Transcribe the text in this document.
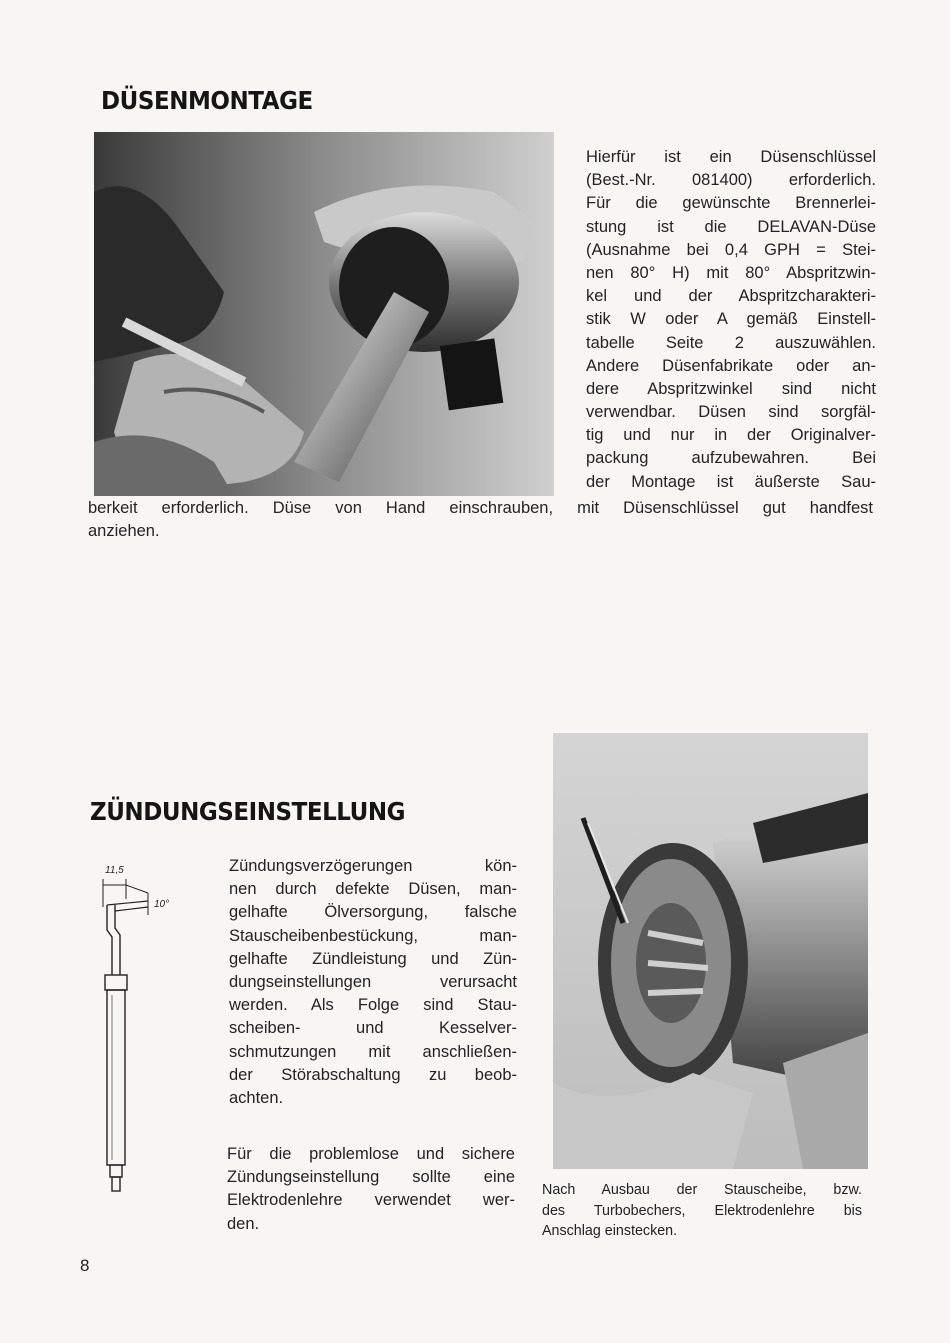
DÜSENMONTAGE
Hierfür ist ein Düsenschlüssel
(Best.-Nr. 081400) erforderlich.
Für die gewünschte Brennerlei-
stung ist die DELAVAN-Düse
(Ausnahme bei 0,4 GPH = Stei-
nen 80° H) mit 80° Abspritzwin-
kel und der Abspritzcharakteri-
stik W oder A gemäß Einstell-
tabelle Seite 2 auszuwählen.
Andere Düsenfabrikate oder an-
dere Abspritzwinkel sind nicht
verwendbar. Düsen sind sorgfäl-
tig und nur in der Originalver-
packung aufzubewahren. Bei
der Montage ist äußerste Sau-
berkeit erforderlich. Düse von Hand einschrauben, mit Düsenschlüssel gut handfest
anziehen.
ZÜNDUNGSEINSTELLUNG
11,5
10°
Zündungsverzögerungen kön-
nen durch defekte Düsen, man-
gelhafte Ölversorgung, falsche
Stauscheibenbestückung, man-
gelhafte Zündleistung und Zün-
dungseinstellungen verursacht
werden. Als Folge sind Stau-
scheiben- und Kesselver-
schmutzungen mit anschließen-
der Störabschaltung zu beob-
achten.
Für die problemlose und sichere
Zündungseinstellung sollte eine
Elektrodenlehre verwendet wer-
den.
Nach Ausbau der Stauscheibe, bzw.
des Turbobechers, Elektrodenlehre bis
Anschlag einstecken.
8
